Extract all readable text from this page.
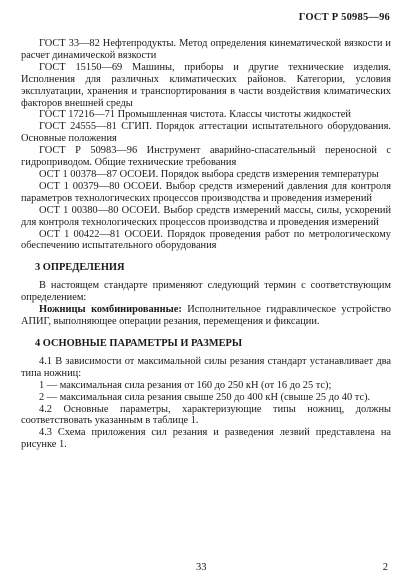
ГОСТ Р 50985—96

ГОСТ 33—82 Нефтепродукты. Метод определения кинематической вязкости и расчет динамической вязкости

ГОСТ 15150—69 Машины, приборы и другие технические изделия. Исполнения для различных климатических районов. Категории, условия эксплуатации, хранения и транспортирования в части воздействия климатических факторов внешней среды

ГОСТ 17216—71 Промышленная чистота. Классы чистоты жидкостей

ГОСТ 24555—81 СГИП. Порядок аттестации испытательного оборудования. Основные положения

ГОСТ Р 50983—96 Инструмент аварийно-спасательный переносной с гидроприводом. Общие технические требования

ОСТ 1 00378—87 ОСОЕИ. Порядок выбора средств измерения температуры

ОСТ 1 00379—80 ОСОЕИ. Выбор средств измерений давления для контроля параметров технологических процессов производства и проведения измерений

ОСТ 1 00380—80 ОСОЕИ. Выбор средств измерений массы, силы, ускорений для контроля технологических процессов производства и проведения измерений

ОСТ 1 00422—81 ОСОЕИ. Порядок проведения работ по метрологическому обеспечению испытательного оборудования

3 ОПРЕДЕЛЕНИЯ

В настоящем стандарте применяют следующий термин с соответствующим определением:

Ножницы комбинированные: Исполнительное гидравлическое устройство АПИГ, выполняющее операции резания, перемещения и фиксации.

4 ОСНОВНЫЕ ПАРАМЕТРЫ И РАЗМЕРЫ

4.1 В зависимости от максимальной силы резания стандарт устанавливает два типа ножниц:

1 — максимальная сила резания от 160 до 250 кН (от 16 до 25 тс);

2 — максимальная сила резания свыше 250 до 400 кН (свыше 25 до 40 тс).

4.2 Основные параметры, характеризующие типы ножниц, должны соответствовать указанным в таблице 1.

4.3 Схема приложения сил резания и разведения лезвий представлена на рисунке 1.

33	2
